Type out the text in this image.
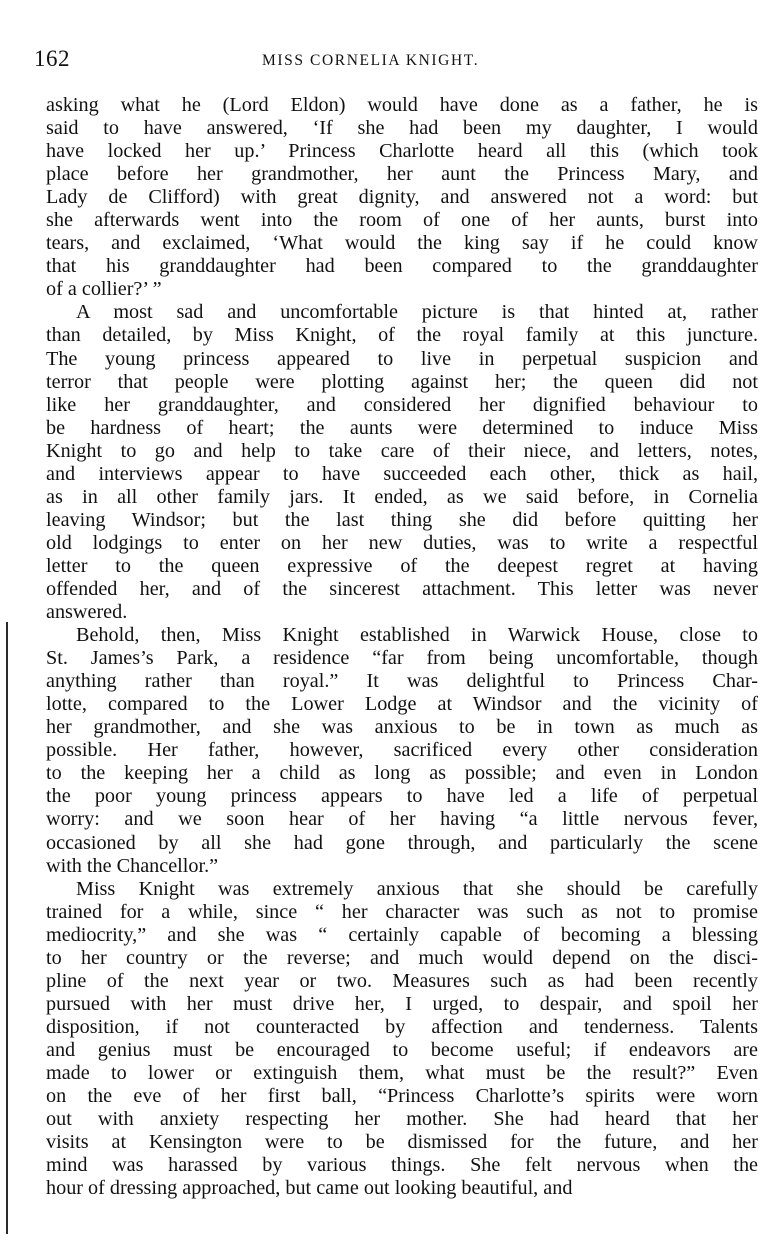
162	MISS CORNELIA KNIGHT.
asking what he (Lord Eldon) would have done as a father, he is
said to have answered, ‘If she had been my daughter, I would
have locked her up.’ Princess Charlotte heard all this (which took
place before her grandmother, her aunt the Princess Mary, and
Lady de Clifford) with great dignity, and answered not a word: but
she afterwards went into the room of one of her aunts, burst into
tears, and exclaimed, ‘What would the king say if he could know
that his granddaughter had been compared to the granddaughter
of a collier?’ ”
A most sad and uncomfortable picture is that hinted at, rather
than detailed, by Miss Knight, of the royal family at this juncture.
The young princess appeared to live in perpetual suspicion and
terror that people were plotting against her; the queen did not
like her granddaughter, and considered her dignified behaviour to
be hardness of heart; the aunts were determined to induce Miss
Knight to go and help to take care of their niece, and letters, notes,
and interviews appear to have succeeded each other, thick as hail,
as in all other family jars. It ended, as we said before, in Cornelia
leaving Windsor; but the last thing she did before quitting her
old lodgings to enter on her new duties, was to write a respectful
letter to the queen expressive of the deepest regret at having
offended her, and of the sincerest attachment. This letter was never
answered.
Behold, then, Miss Knight established in Warwick House, close to
St. James’s Park, a residence “far from being uncomfortable, though
anything rather than royal.” It was delightful to Princess Char-
lotte, compared to the Lower Lodge at Windsor and the vicinity of
her grandmother, and she was anxious to be in town as much as
possible. Her father, however, sacrificed every other consideration
to the keeping her a child as long as possible; and even in London
the poor young princess appears to have led a life of perpetual
worry: and we soon hear of her having “a little nervous fever,
occasioned by all she had gone through, and particularly the scene
with the Chancellor.”
Miss Knight was extremely anxious that she should be carefully
trained for a while, since “ her character was such as not to promise
mediocrity,” and she was “ certainly capable of becoming a blessing
to her country or the reverse; and much would depend on the disci-
pline of the next year or two. Measures such as had been recently
pursued with her must drive her, I urged, to despair, and spoil her
disposition, if not counteracted by affection and tenderness. Talents
and genius must be encouraged to become useful; if endeavors are
made to lower or extinguish them, what must be the result?” Even
on the eve of her first ball, “Princess Charlotte’s spirits were worn
out with anxiety respecting her mother. She had heard that her
visits at Kensington were to be dismissed for the future, and her
mind was harassed by various things. She felt nervous when the
hour of dressing approached, but came out looking beautiful, and
